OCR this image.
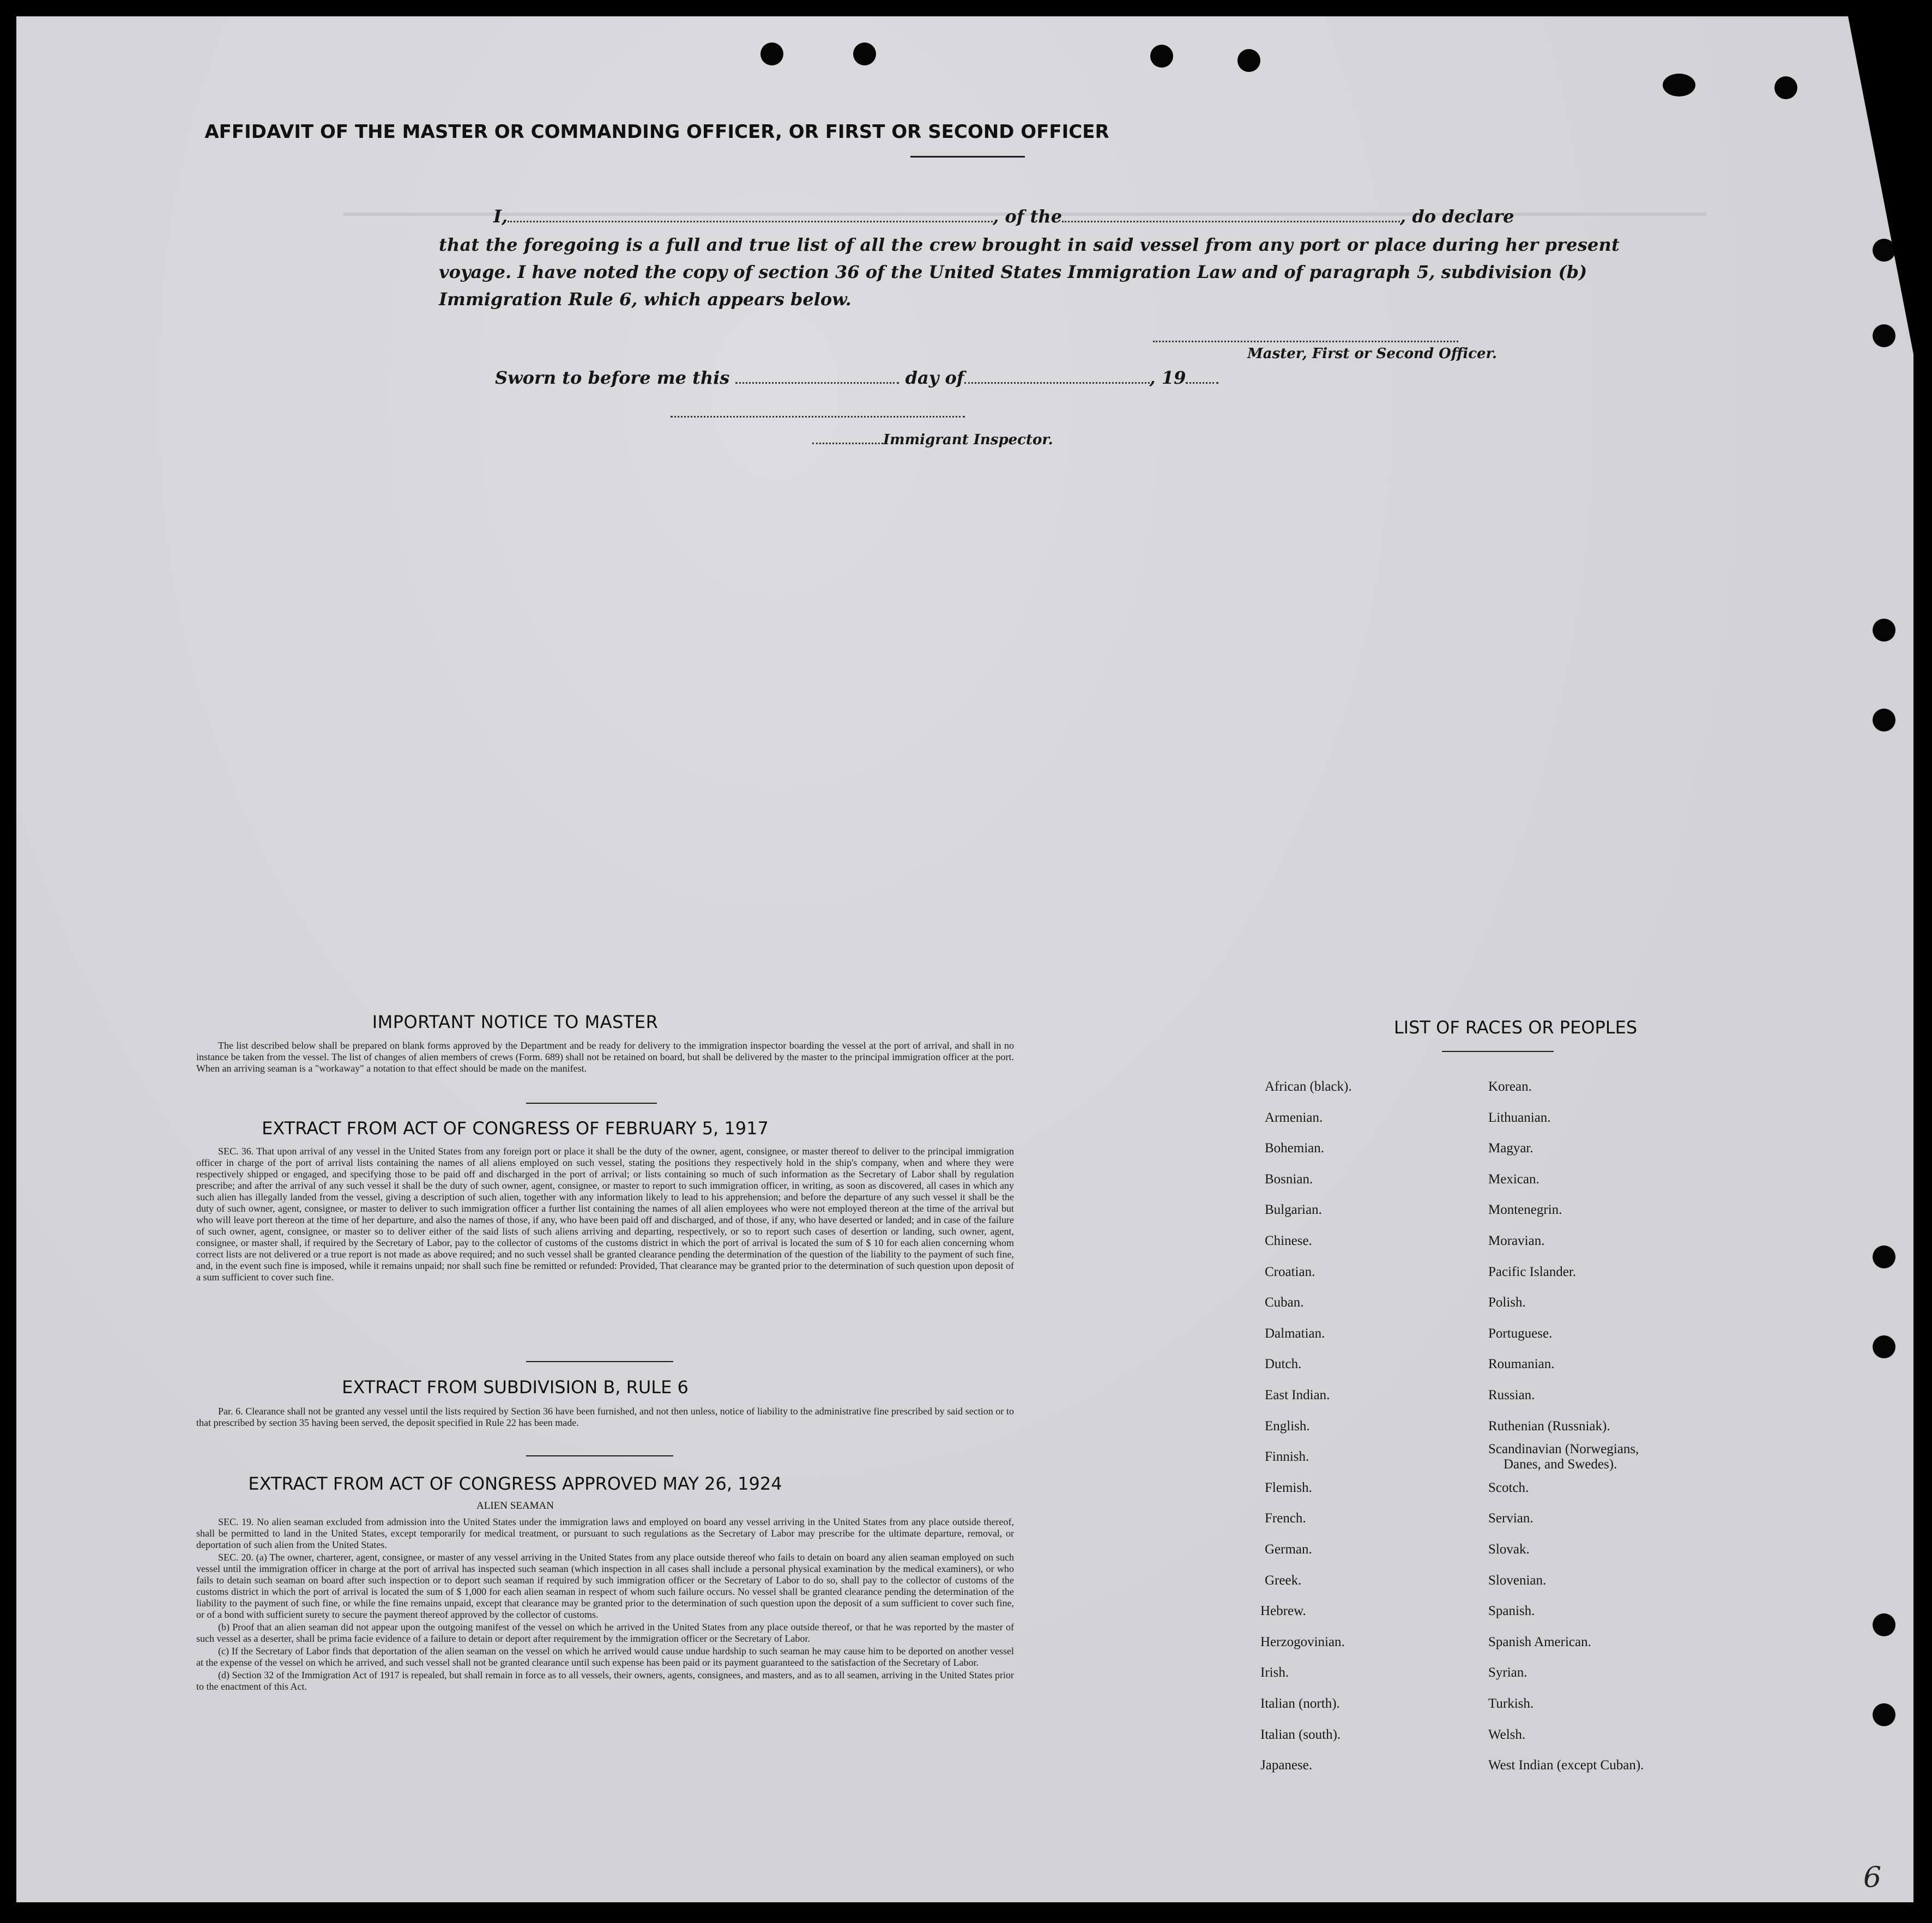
AFFIDAVIT OF THE MASTER OR COMMANDING OFFICER, OR FIRST OR SECOND OFFICER
I,	, of the	, do declare
that the foregoing is a full and true list of all the crew brought in said vessel from any port or place during her present
voyage. I have noted the copy of section 36 of the United States Immigration Law and of paragraph 5, subdivision (b)
Immigration Rule 6, which appears below.
Master, First or Second Officer.
Sworn to before me this	day of	, 19
Immigrant Inspector.
IMPORTANT NOTICE TO MASTER

The list described below shall be prepared on blank forms approved by the Department and be ready for delivery to the immigration inspector boarding the vessel at the port of arrival, and shall in no instance be taken from the vessel. The list of changes of alien members of crews (Form. 689) shall not be retained on board, but shall be delivered by the master to the principal immigration officer at the port. When an arriving seaman is a "workaway" a notation to that effect should be made on the manifest.

EXTRACT FROM ACT OF CONGRESS OF FEBRUARY 5, 1917

SEC. 36. That upon arrival of any vessel in the United States from any foreign port or place it shall be the duty of the owner, agent, consignee, or master thereof to deliver to the principal immigration officer in charge of the port of arrival lists containing the names of all aliens employed on such vessel, stating the positions they respectively hold in the ship's company, when and where they were respectively shipped or engaged, and specifying those to be paid off and discharged in the port of arrival; or lists containing so much of such information as the Secretary of Labor shall by regulation prescribe; and after the arrival of any such vessel it shall be the duty of such owner, agent, consignee, or master to report to such immigration officer, in writing, as soon as discovered, all cases in which any such alien has illegally landed from the vessel, giving a description of such alien, together with any information likely to lead to his apprehension; and before the departure of any such vessel it shall be the duty of such owner, agent, consignee, or master to deliver to such immigration officer a further list containing the names of all alien employees who were not employed thereon at the time of the arrival but who will leave port thereon at the time of her departure, and also the names of those, if any, who have been paid off and discharged, and of those, if any, who have deserted or landed; and in case of the failure of such owner, agent, consignee, or master so to deliver either of the said lists of such aliens arriving and departing, respectively, or so to report such cases of desertion or landing, such owner, agent, consignee, or master shall, if required by the Secretary of Labor, pay to the collector of customs of the customs district in which the port of arrival is located the sum of $ 10 for each alien concerning whom correct lists are not delivered or a true report is not made as above required; and no such vessel shall be granted clearance pending the determination of the question of the liability to the payment of such fine, and, in the event such fine is imposed, while it remains unpaid; nor shall such fine be remitted or refunded: Provided, That clearance may be granted prior to the determination of such question upon deposit of a sum sufficient to cover such fine.

EXTRACT FROM SUBDIVISION B, RULE 6

Par. 6. Clearance shall not be granted any vessel until the lists required by Section 36 have been furnished, and not then unless, notice of liability to the administrative fine prescribed by said section or to that prescribed by section 35 having been served, the deposit specified in Rule 22 has been made.

EXTRACT FROM ACT OF CONGRESS APPROVED MAY 26, 1924
ALIEN SEAMAN

SEC. 19. No alien seaman excluded from admission into the United States under the immigration laws and employed on board any vessel arriving in the United States from any place outside thereof, shall be permitted to land in the United States, except temporarily for medical treatment, or pursuant to such regulations as the Secretary of Labor may prescribe for the ultimate departure, removal, or deportation of such alien from the United States.

SEC. 20. (a) The owner, charterer, agent, consignee, or master of any vessel arriving in the United States from any place outside thereof who fails to detain on board any alien seaman employed on such vessel until the immigration officer in charge at the port of arrival has inspected such seaman (which inspection in all cases shall include a personal physical examination by the medical examiners), or who fails to detain such seaman on board after such inspection or to deport such seaman if required by such immigration officer or the Secretary of Labor to do so, shall pay to the collector of customs of the customs district in which the port of arrival is located the sum of $ 1,000 for each alien seaman in respect of whom such failure occurs. No vessel shall be granted clearance pending the determination of the liability to the payment of such fine, or while the fine remains unpaid, except that clearance may be granted prior to the determination of such question upon the deposit of a sum sufficient to cover such fine, or of a bond with sufficient surety to secure the payment thereof approved by the collector of customs.

(b) Proof that an alien seaman did not appear upon the outgoing manifest of the vessel on which he arrived in the United States from any place outside thereof, or that he was reported by the master of such vessel as a deserter, shall be prima facie evidence of a failure to detain or deport after requirement by the immigration officer or the Secretary of Labor.

(c) If the Secretary of Labor finds that deportation of the alien seaman on the vessel on which he arrived would cause undue hardship to such seaman he may cause him to be deported on another vessel at the expense of the vessel on which he arrived, and such vessel shall not be granted clearance until such expense has been paid or its payment guaranteed to the satisfaction of the Secretary of Labor.

(d) Section 32 of the Immigration Act of 1917 is repealed, but shall remain in force as to all vessels, their owners, agents, consignees, and masters, and as to all seamen, arriving in the United States prior to the enactment of this Act.

LIST OF RACES OR PEOPLES
African (black).
Armenian.
Bohemian.
Bosnian.
Bulgarian.
Chinese.
Croatian.
Cuban.
Dalmatian.
Dutch.
East Indian.
English.
Finnish.
Flemish.
French.
German.
Greek.
Hebrew.
Herzogovinian.
Irish.
Italian (north).
Italian (south).
Japanese.
Korean.
Lithuanian.
Magyar.
Mexican.
Montenegrin.
Moravian.
Pacific Islander.
Polish.
Portuguese.
Roumanian.
Russian.
Ruthenian (Russniak).
Scandinavian (Norwegians,
Danes, and Swedes).
Scotch.
Servian.
Slovak.
Slovenian.
Spanish.
Spanish American.
Syrian.
Turkish.
Welsh.
West Indian (except Cuban).
6
